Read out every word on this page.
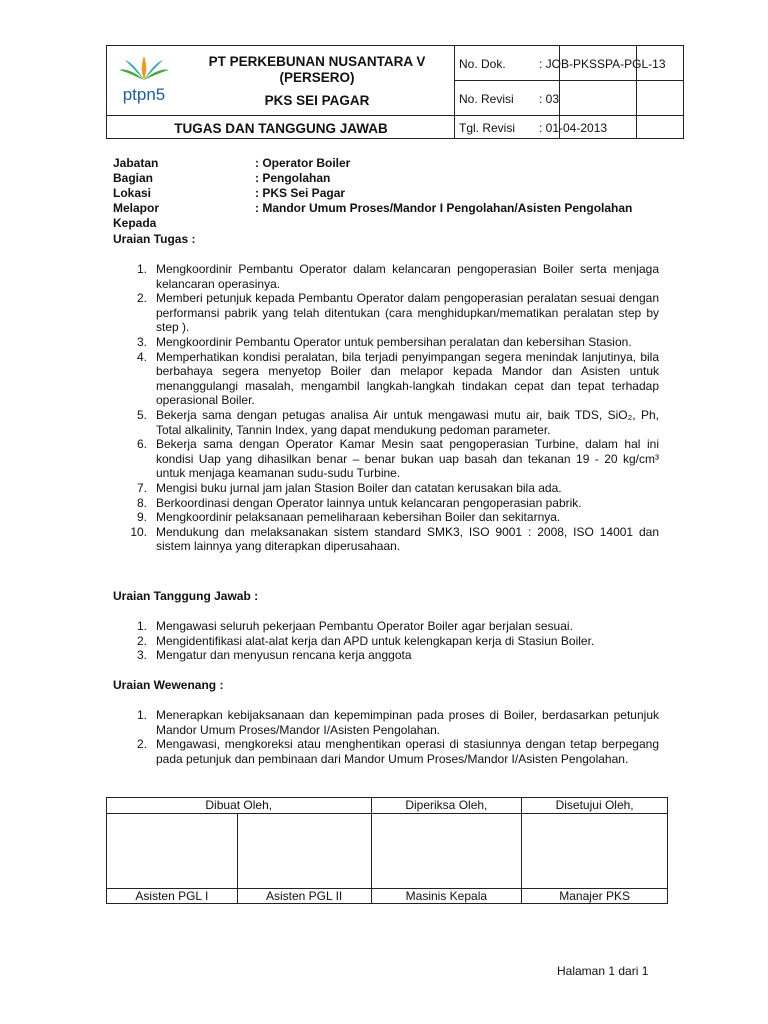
ptpn5
PT PERKEBUNAN NUSANTARA V (PERSERO)
PKS SEI PAGAR
TUGAS DAN TANGGUNG JAWAB
No. Dok.	: JOB-PKSSPA-PGL-13
No. Revisi : 03
Tgl. Revisi : 01-04-2013
Jabatan	: Operator Boiler
Bagian	: Pengolahan
Lokasi	: PKS Sei Pagar
Melapor Kepada
: Mandor Umum Proses/Mandor I Pengolahan/Asisten Pengolahan
Uraian Tugas :
1. Mengkoordinir Pembantu Operator dalam kelancaran pengoperasian Boiler serta menjaga kelancaran operasinya.
2. Memberi petunjuk kepada Pembantu Operator dalam pengoperasian peralatan sesuai dengan performansi pabrik yang telah ditentukan (cara menghidupkan/mematikan peralatan step by step ).
3. Mengkoordinir Pembantu Operator untuk pembersihan peralatan dan kebersihan Stasion.
4. Memperhatikan kondisi peralatan, bila terjadi penyimpangan segera menindak lanjutinya, bila berbahaya segera menyetop Boiler dan melapor kepada Mandor dan Asisten untuk menanggulangi masalah, mengambil langkah-langkah tindakan cepat dan tepat terhadap operasional Boiler.
5. Bekerja sama dengan petugas analisa Air untuk mengawasi mutu air, baik TDS, SiO₂, Ph, Total alkalinity, Tannin Index, yang dapat mendukung pedoman parameter.
6. Bekerja sama dengan Operator Kamar Mesin saat pengoperasian Turbine, dalam hal ini kondisi Uap yang dihasilkan benar – benar bukan uap basah dan tekanan 19 - 20 kg/cm³ untuk menjaga keamanan sudu-sudu Turbine.
7. Mengisi buku jurnal jam jalan Stasion Boiler dan catatan kerusakan bila ada.
8. Berkoordinasi dengan Operator lainnya untuk kelancaran pengoperasian pabrik.
9. Mengkoordinir pelaksanaan pemeliharaan kebersihan Boiler dan sekitarnya.
10. Mendukung dan melaksanakan sistem standard SMK3, ISO 9001 : 2008, ISO 14001 dan sistem lainnya yang diterapkan diperusahaan.
Uraian Tanggung Jawab :
1. Mengawasi seluruh pekerjaan Pembantu Operator Boiler agar berjalan sesuai.
2. Mengidentifikasi alat-alat kerja dan APD untuk kelengkapan kerja di Stasiun Boiler.
3. Mengatur dan menyusun rencana kerja anggota
Uraian Wewenang :
1. Menerapkan kebijaksanaan dan kepemimpinan pada proses di Boiler, berdasarkan petunjuk Mandor Umum Proses/Mandor I/Asisten Pengolahan.
2. Mengawasi, mengkoreksi atau menghentikan operasi di stasiunnya dengan tetap berpegang pada petunjuk dan pembinaan dari Mandor Umum Proses/Mandor I/Asisten Pengolahan.
Dibuat Oleh,		Diperiksa Oleh,	Disetujui Oleh,

Asisten PGL I	Asisten PGL II	Masinis Kepala	Manajer PKS
Halaman 1 dari 1
